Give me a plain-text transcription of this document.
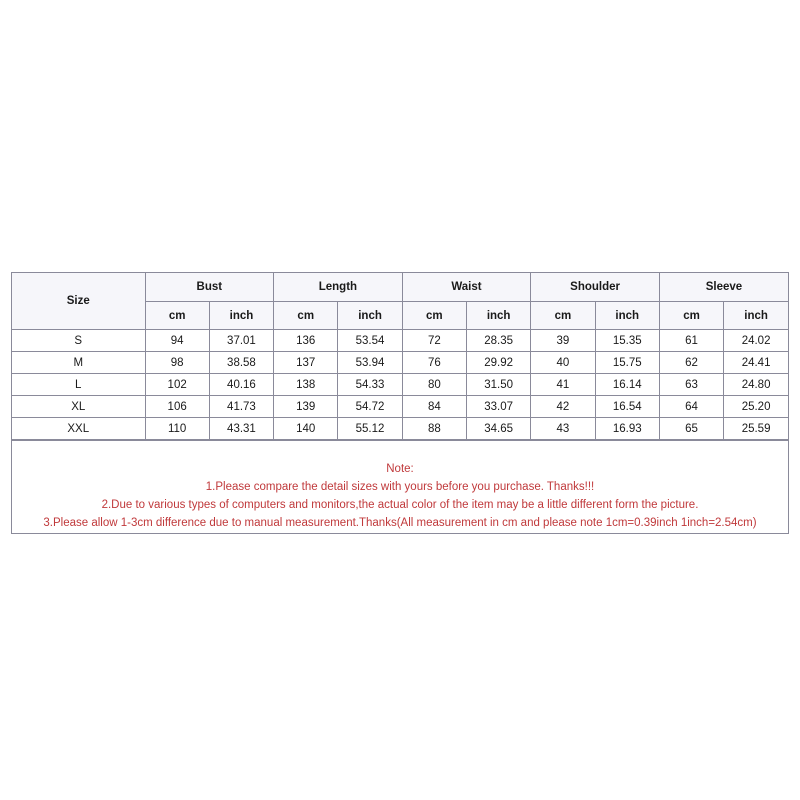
Size	Bust		Length		Waist		Shoulder		Sleeve	
	cm	inch	cm	inch	cm	inch	cm	inch	cm	inch
S	94	37.01	136	53.54	72	28.35	39	15.35	61	24.02
M	98	38.58	137	53.94	76	29.92	40	15.75	62	24.41
L	102	40.16	138	54.33	80	31.50	41	16.14	63	24.80
XL	106	41.73	139	54.72	84	33.07	42	16.54	64	25.20
XXL	110	43.31	140	55.12	88	34.65	43	16.93	65	25.59
Note:
1.Please compare the detail sizes with yours before you purchase. Thanks!!!
2.Due to various types of computers and monitors,the actual color of the item may be a little different form the picture.
3.Please allow 1-3cm difference due to manual measurement.Thanks(All measurement in cm and please note 1cm=0.39inch 1inch=2.54cm)
